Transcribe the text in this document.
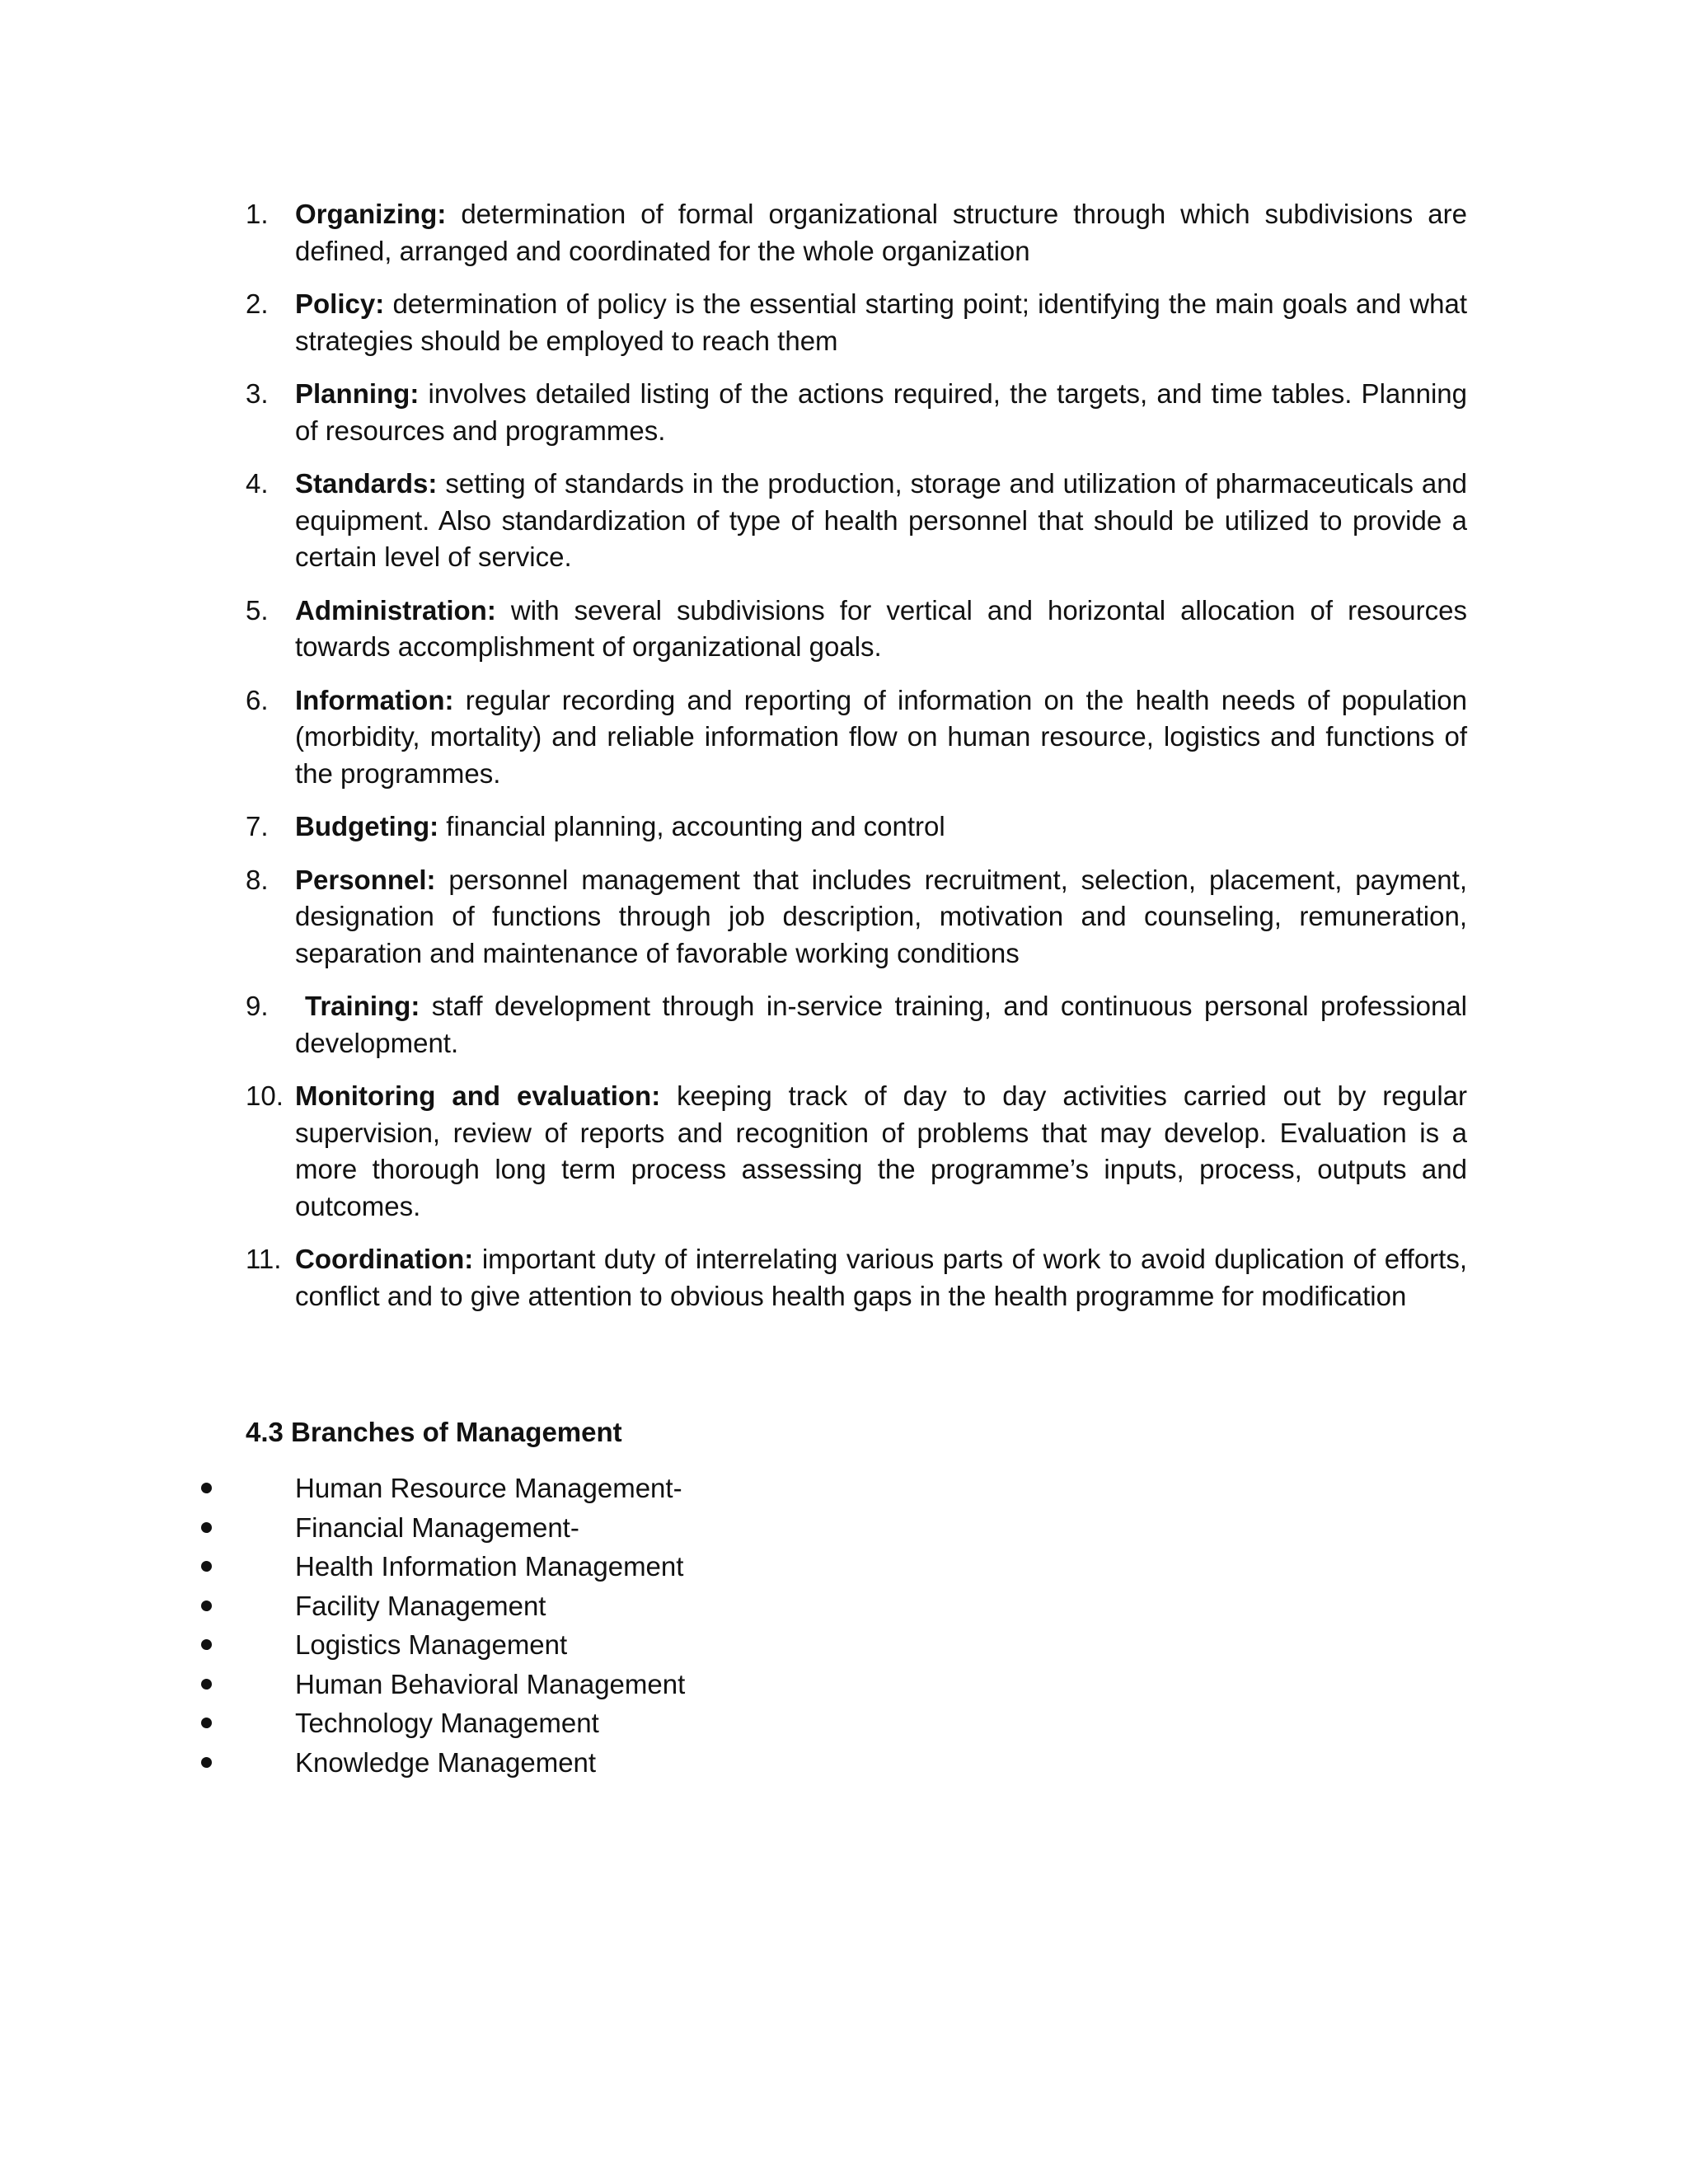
1. Organizing: determination of formal organizational structure through which subdivisions are defined, arranged and coordinated for the whole organization
2. Policy: determination of policy is the essential starting point; identifying the main goals and what strategies should be employed to reach them
3. Planning: involves detailed listing of the actions required, the targets, and time tables. Planning of resources and programmes.
4. Standards: setting of standards in the production, storage and utilization of pharmaceuticals and equipment. Also standardization of type of health personnel that should be utilized to provide a certain level of service.
5. Administration: with several subdivisions for vertical and horizontal allocation of resources towards accomplishment of organizational goals.
6. Information: regular recording and reporting of information on the health needs of population (morbidity, mortality) and reliable information flow on human resource, logistics and functions of the programmes.
7. Budgeting: financial planning, accounting and control
8. Personnel: personnel management that includes recruitment, selection, placement, payment, designation of functions through job description, motivation and counseling, remuneration, separation and maintenance of favorable working conditions
9.	Training: staff development through in-service training, and continuous personal professional development.
10. Monitoring and evaluation: keeping track of day to day activities carried out by regular supervision, review of reports and recognition of problems that may develop. Evaluation is a more thorough long term process assessing the programme’s inputs, process, outputs and outcomes.
11. Coordination: important duty of interrelating various parts of work to avoid duplication of efforts, conflict and to give attention to obvious health gaps in the health programme for modification
4.3 Branches of Management
Human Resource Management-
Financial Management-
Health Information Management
Facility Management
Logistics Management
Human Behavioral Management
Technology Management
Knowledge Management
